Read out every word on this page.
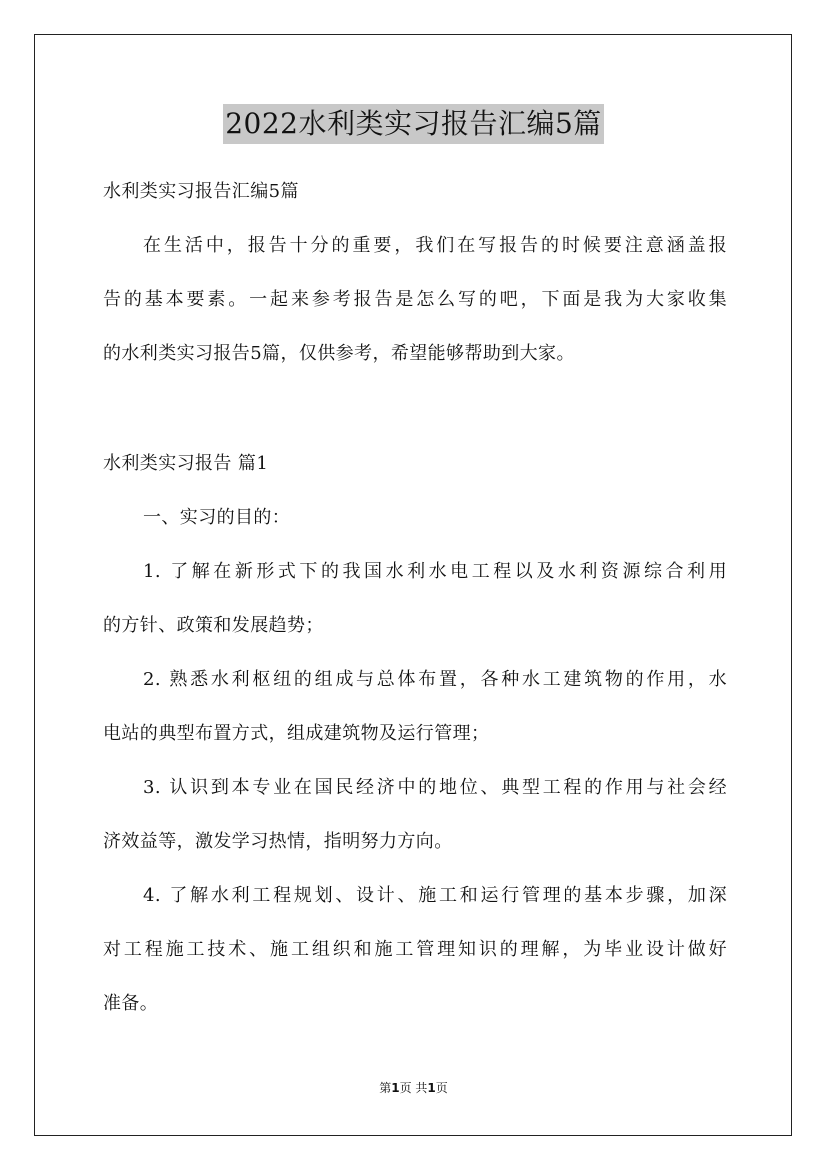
2022水利类实习报告汇编5篇
水利类实习报告汇编5篇
在生活中，报告十分的重要，我们在写报告的时候要注意涵盖报
告的基本要素。一起来参考报告是怎么写的吧，下面是我为大家收集
的水利类实习报告5篇，仅供参考，希望能够帮助到大家。
水利类实习报告 篇1
一、实习的目的：
1. 了解在新形式下的我国水利水电工程以及水利资源综合利用
的方针、政策和发展趋势；
2. 熟悉水利枢纽的组成与总体布置，各种水工建筑物的作用，水
电站的典型布置方式，组成建筑物及运行管理；
3. 认识到本专业在国民经济中的地位、典型工程的作用与社会经
济效益等，激发学习热情，指明努力方向。
4. 了解水利工程规划、设计、施工和运行管理的基本步骤，加深
对工程施工技术、施工组织和施工管理知识的理解，为毕业设计做好
准备。
第1页 共1页
